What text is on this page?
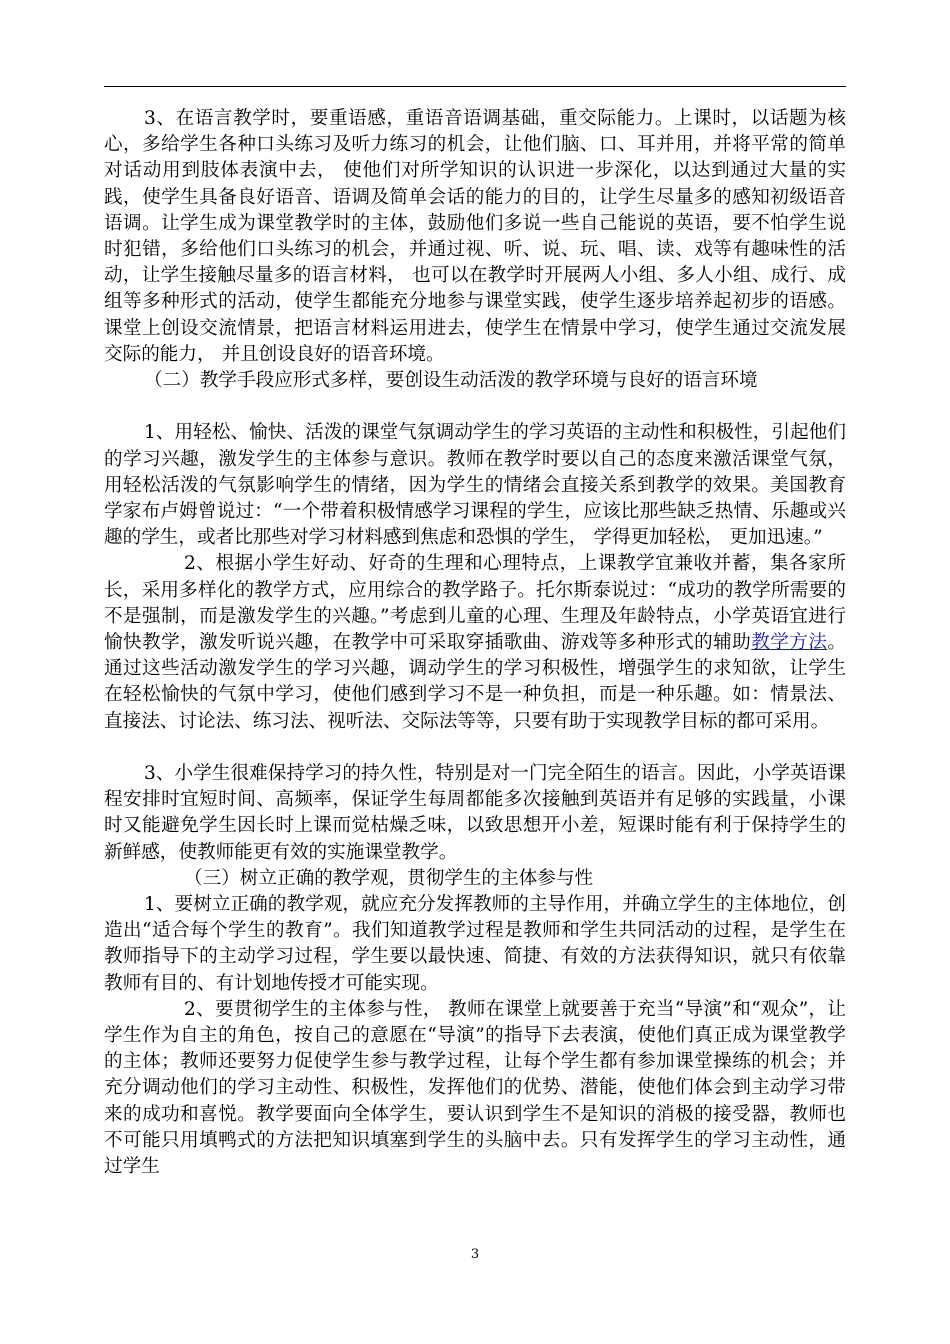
3、在语言教学时，要重语感，重语音语调基础，重交际能力。上课时，以话题为核心，多给学生各种口头练习及听力练习的机会，让他们脑、口、耳并用，并将平常的简单对话动用到肢体表演中去， 使他们对所学知识的认识进一步深化，以达到通过大量的实践，使学生具备良好语音、语调及简单会话的能力的目的，让学生尽量多的感知初级语音语调。让学生成为课堂教学时的主体，鼓励他们多说一些自己能说的英语，要不怕学生说时犯错，多给他们口头练习的机会，并通过视、听、说、玩、唱、读、戏等有趣味性的活动，让学生接触尽量多的语言材料， 也可以在教学时开展两人小组、多人小组、成行、成组等多种形式的活动，使学生都能充分地参与课堂实践，使学生逐步培养起初步的语感。课堂上创设交流情景，把语言材料运用进去，使学生在情景中学习，使学生通过交流发展交际的能力， 并且创设良好的语音环境。

（二）教学手段应形式多样，要创设生动活泼的教学环境与良好的语言环境

1、用轻松、愉快、活泼的课堂气氛调动学生的学习英语的主动性和积极性，引起他们的学习兴趣，激发学生的主体参与意识。教师在教学时要以自己的态度来激活课堂气氛，用轻松活泼的气氛影响学生的情绪，因为学生的情绪会直接关系到教学的效果。美国教育学家布卢姆曾说过：“一个带着积极情感学习课程的学生，应该比那些缺乏热情、乐趣或兴趣的学生，或者比那些对学习材料感到焦虑和恐惧的学生， 学得更加轻松， 更加迅速。”

2、根据小学生好动、好奇的生理和心理特点，上课教学宜兼收并蓄，集各家所长，采用多样化的教学方式，应用综合的教学路子。托尔斯泰说过：“成功的教学所需要的不是强制，而是激发学生的兴趣。”考虑到儿童的心理、生理及年龄特点，小学英语宜进行愉快教学，激发听说兴趣，在教学中可采取穿插歌曲、游戏等多种形式的辅助教学方法。通过这些活动激发学生的学习兴趣，调动学生的学习积极性，增强学生的求知欲，让学生在轻松愉快的气氛中学习，使他们感到学习不是一种负担，而是一种乐趣。如：情景法、直接法、讨论法、练习法、视听法、交际法等等，只要有助于实现教学目标的都可采用。

3、小学生很难保持学习的持久性，特别是对一门完全陌生的语言。因此，小学英语课程安排时宜短时间、高频率，保证学生每周都能多次接触到英语并有足够的实践量，小课时又能避免学生因长时上课而觉枯燥乏味，以致思想开小差，短课时能有利于保持学生的新鲜感，使教师能更有效的实施课堂教学。

（三）树立正确的教学观，贯彻学生的主体参与性

1、要树立正确的教学观，就应充分发挥教师的主导作用，并确立学生的主体地位，创造出“适合每个学生的教育”。我们知道教学过程是教师和学生共同活动的过程，是学生在教师指导下的主动学习过程，学生要以最快速、简捷、有效的方法获得知识，就只有依靠教师有目的、有计划地传授才可能实现。

2、要贯彻学生的主体参与性， 教师在课堂上就要善于充当“导演”和“观众”，让学生作为自主的角色，按自己的意愿在“导演”的指导下去表演，使他们真正成为课堂教学的主体；教师还要努力促使学生参与教学过程，让每个学生都有参加课堂操练的机会；并充分调动他们的学习主动性、积极性，发挥他们的优势、潜能，使他们体会到主动学习带来的成功和喜悦。教学要面向全体学生，要认识到学生不是知识的消极的接受器，教师也不可能只用填鸭式的方法把知识填塞到学生的头脑中去。只有发挥学生的学习主动性，通过学生

3
